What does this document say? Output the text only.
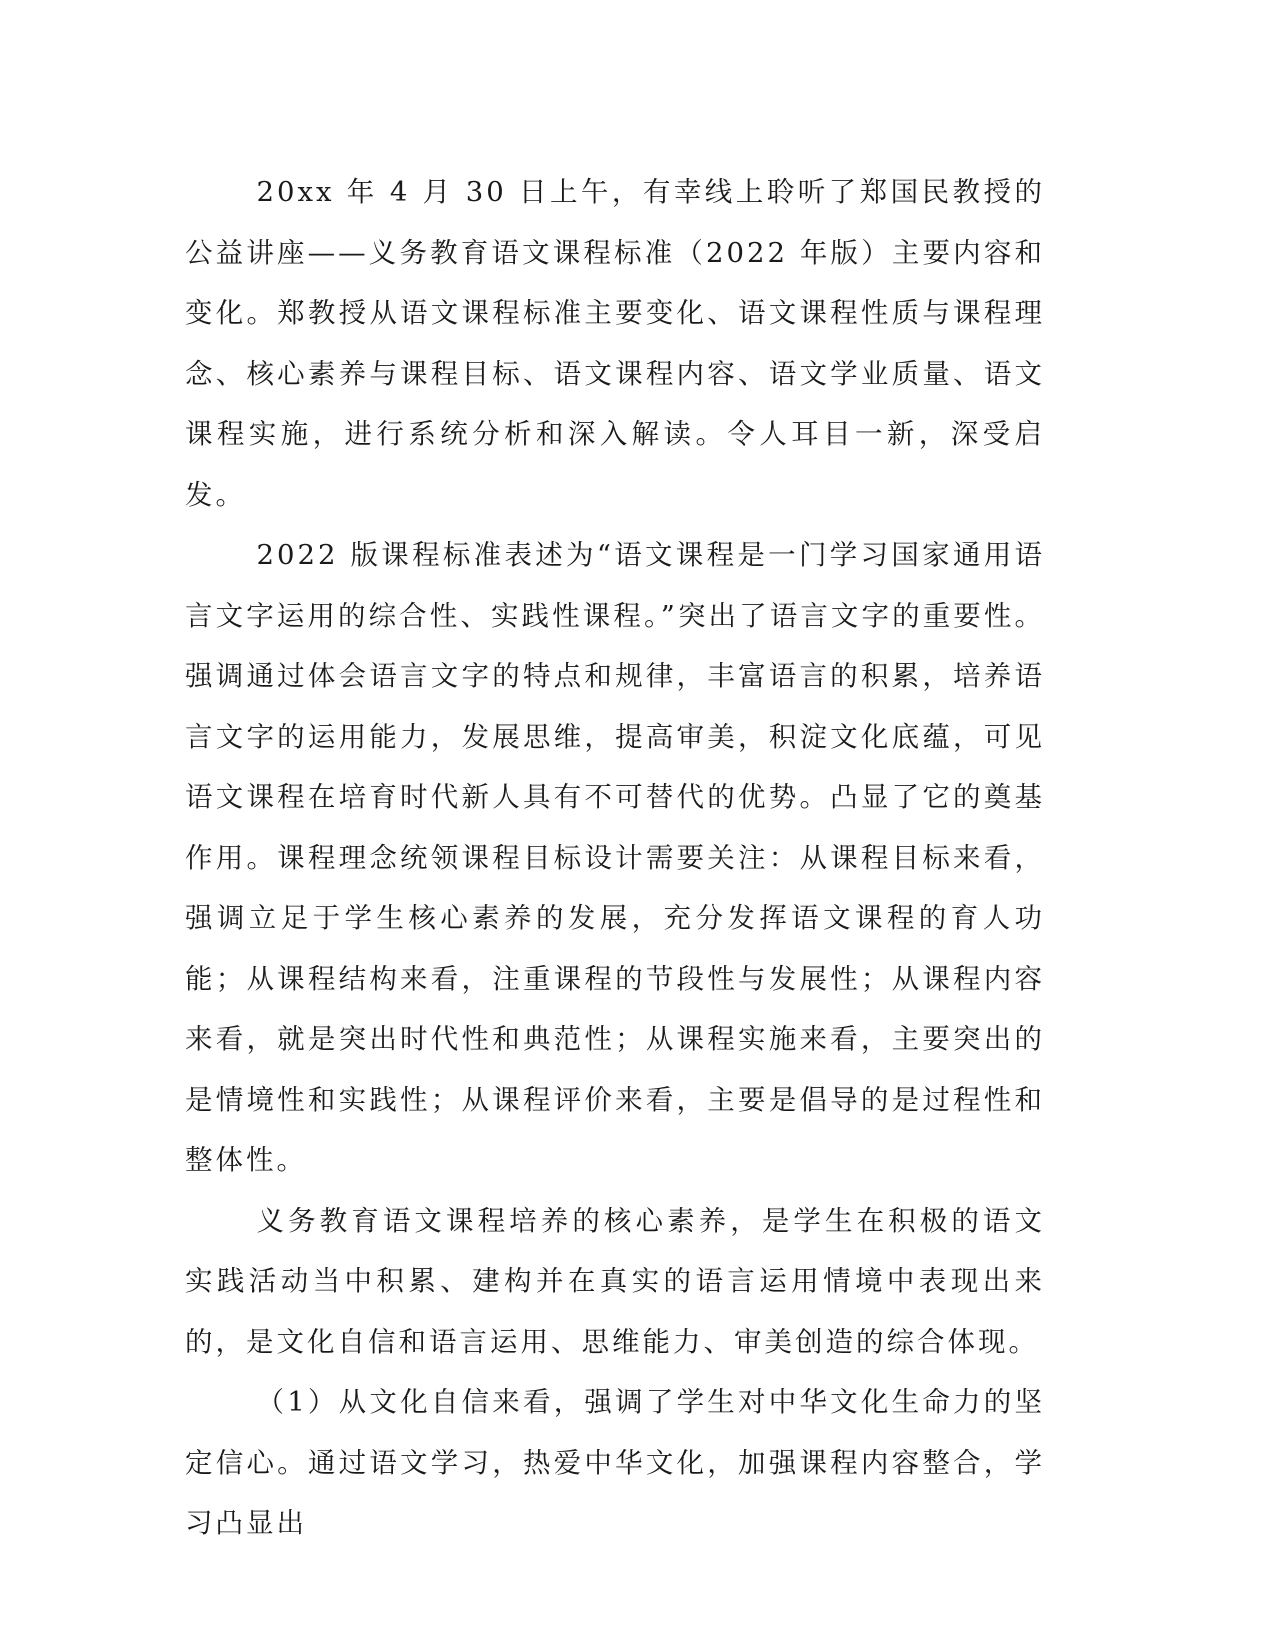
20xx 年 4 月 30 日上午，有幸线上聆听了郑国民教授的公益讲座——义务教育语文课程标准（2022 年版）主要内容和变化。郑教授从语文课程标准主要变化、语文课程性质与课程理念、核心素养与课程目标、语文课程内容、语文学业质量、语文课程实施，进行系统分析和深入解读。令人耳目一新，深受启发。

2022 版课程标准表述为“语文课程是一门学习国家通用语言文字运用的综合性、实践性课程。”突出了语言文字的重要性。强调通过体会语言文字的特点和规律，丰富语言的积累，培养语言文字的运用能力，发展思维，提高审美，积淀文化底蕴，可见语文课程在培育时代新人具有不可替代的优势。凸显了它的奠基作用。课程理念统领课程目标设计需要关注：从课程目标来看，强调立足于学生核心素养的发展，充分发挥语文课程的育人功能；从课程结构来看，注重课程的节段性与发展性；从课程内容来看，就是突出时代性和典范性；从课程实施来看，主要突出的是情境性和实践性；从课程评价来看，主要是倡导的是过程性和整体性。

义务教育语文课程培养的核心素养，是学生在积极的语文实践活动当中积累、建构并在真实的语言运用情境中表现出来的，是文化自信和语言运用、思维能力、审美创造的综合体现。

（1）从文化自信来看，强调了学生对中华文化生命力的坚定信心。通过语文学习，热爱中华文化，加强课程内容整合，学习凸显出
